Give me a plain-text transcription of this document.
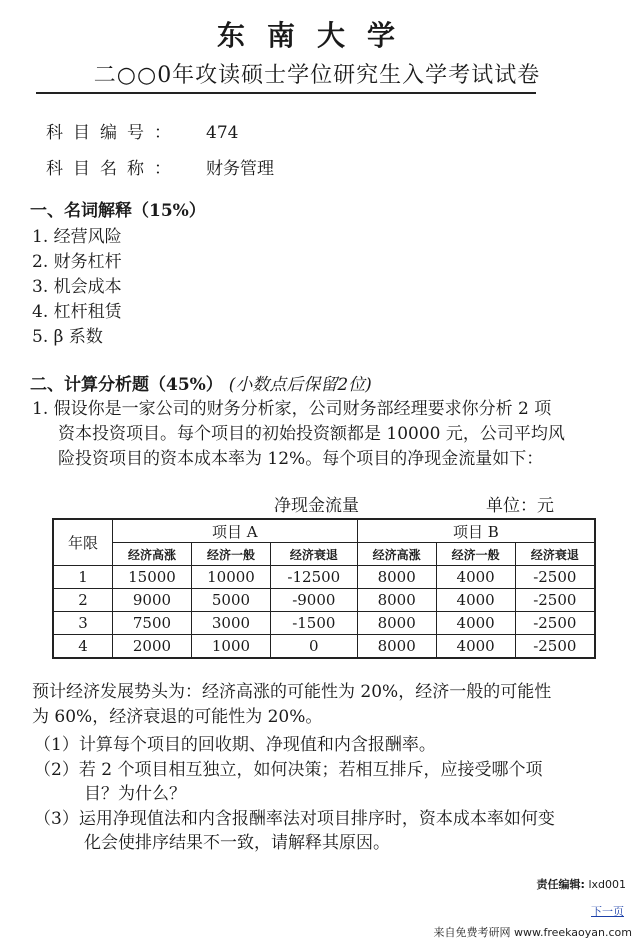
东南大学
二○○0年攻读硕士学位研究生入学考试试卷
科目编号： 474
科目名称： 财务管理
一、名词解释（15%）
1. 经营风险
2. 财务杠杆
3. 机会成本
4. 杠杆租赁
5. β 系数
二、计算分析题（45%） (小数点后保留2位)
1. 假设你是一家公司的财务分析家，公司财务部经理要求你分析 2 项
资本投资项目。每个项目的初始投资额都是 10000 元，公司平均风
险投资项目的资本成本率为 12%。每个项目的净现金流量如下：
净现金流量	单位：元
年限	项目 A			项目 B		
	经济高涨	经济一般	经济衰退	经济高涨	经济一般	经济衰退
1	15000	10000	-12500	8000	4000	-2500
2	9000	5000	-9000	8000	4000	-2500
3	7500	3000	-1500	8000	4000	-2500
4	2000	1000	0	8000	4000	-2500
预计经济发展势头为：经济高涨的可能性为 20%，经济一般的可能性
为 60%，经济衰退的可能性为 20%。
（1）计算每个项目的回收期、净现值和内含报酬率。
（2）若 2 个项目相互独立，如何决策；若相互排斥，应接受哪个项
目？为什么？
（3）运用净现值法和内含报酬率法对项目排序时，资本成本率如何变
化会使排序结果不一致，请解释其原因。
责任编辑: lxd001
下一页
来自免费考研网 www.freekaoyan.com
